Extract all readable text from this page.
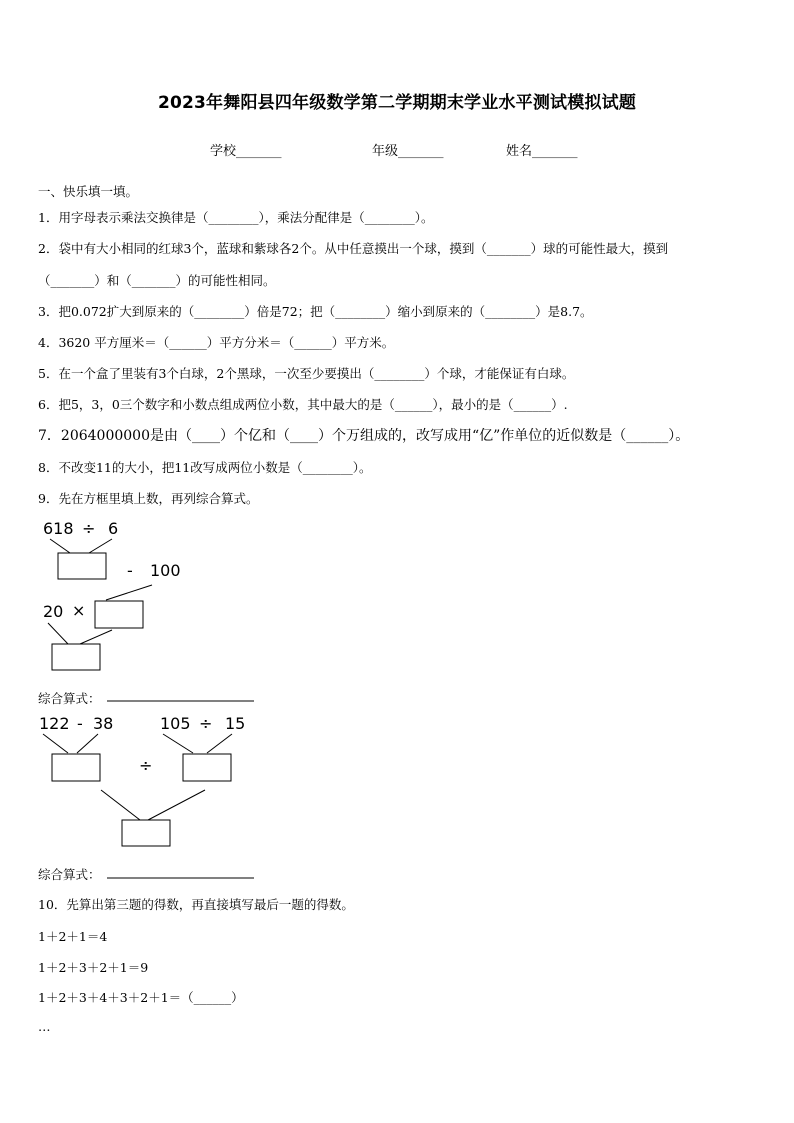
2023年舞阳县四年级数学第二学期期末学业水平测试模拟试题
学校_______	年级_______	姓名_______
一、快乐填一填。
1．用字母表示乘法交换律是（________），乘法分配律是（________）。
2．袋中有大小相同的红球3个，蓝球和紫球各2个。从中任意摸出一个球，摸到（_______）球的可能性最大，摸到
（_______）和（_______）的可能性相同。
3．把0.072扩大到原来的（________）倍是72；把（________）缩小到原来的（________）是8.7。
4．3620 平方厘米＝（______）平方分米＝（______）平方米。
5．在一个盒了里装有3个白球，2个黑球，一次至少要摸出（________）个球，才能保证有白球。
6．把5，3，0三个数字和小数点组成两位小数，其中最大的是（______），最小的是（______）.
7．2064000000是由（____）个亿和（____）个万组成的，改写成用“亿”作单位的近似数是（______）。
8．不改变11的大小，把11改写成两位小数是（________）。
9．先在方框里填上数，再列综合算式。
618 ÷ 6
- 100
20 ×
122 - 38	105 ÷ 15
÷
综合算式：
综合算式：
10．先算出第三题的得数，再直接填写最后一题的得数。
1＋2＋1＝4
1＋2＋3＋2＋1＝9
1＋2＋3＋4＋3＋2＋1＝（______）
…
